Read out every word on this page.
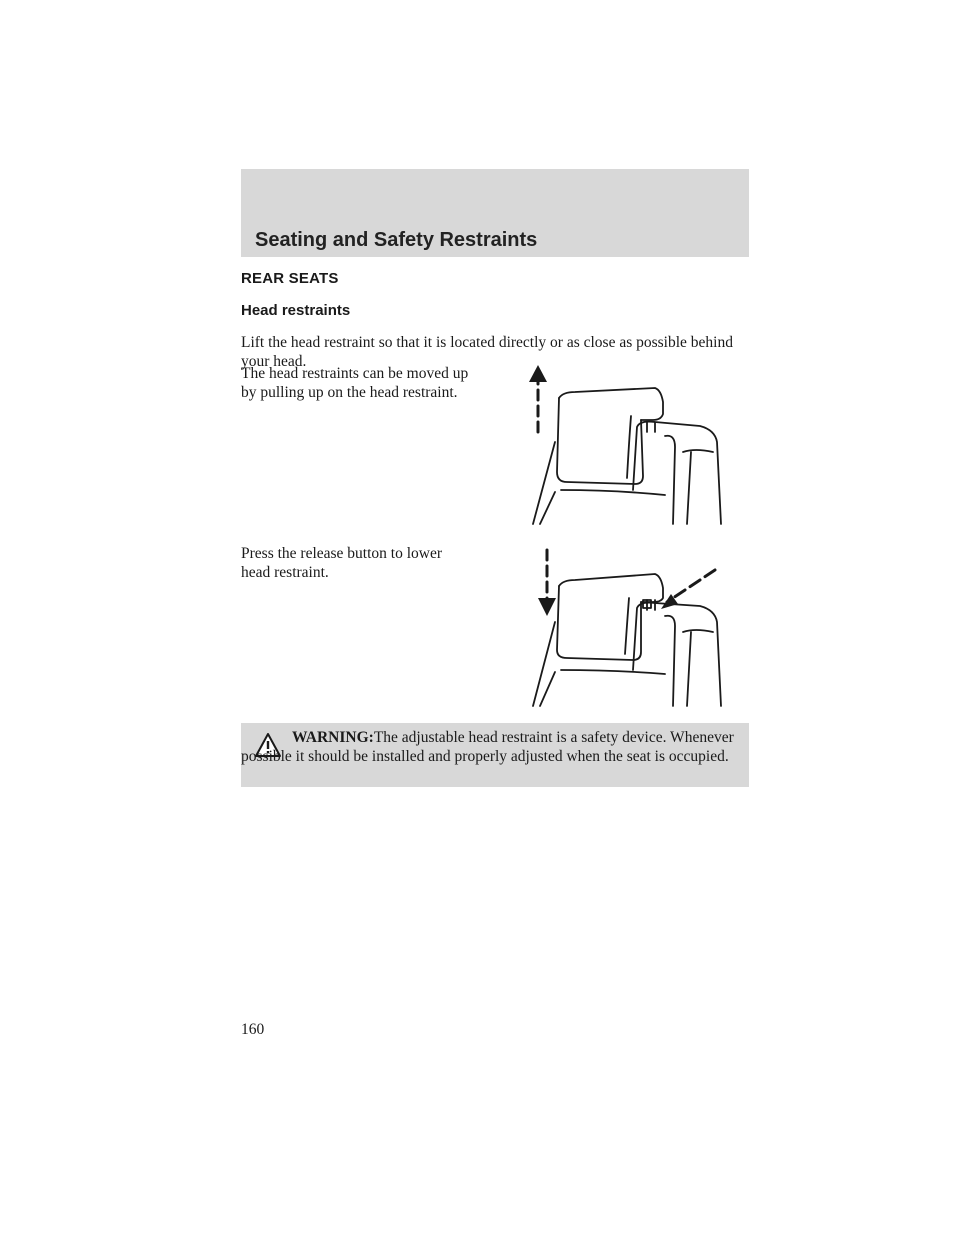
Seating and Safety Restraints
REAR SEATS
Head restraints

Lift the head restraint so that it is located directly or as close as possible behind your head.

The head restraints can be moved up by pulling up on the head restraint.

Press the release button to lower head restraint.

WARNING:The adjustable head restraint is a safety device. Whenever possible it should be installed and properly adjusted when the seat is occupied.

160
